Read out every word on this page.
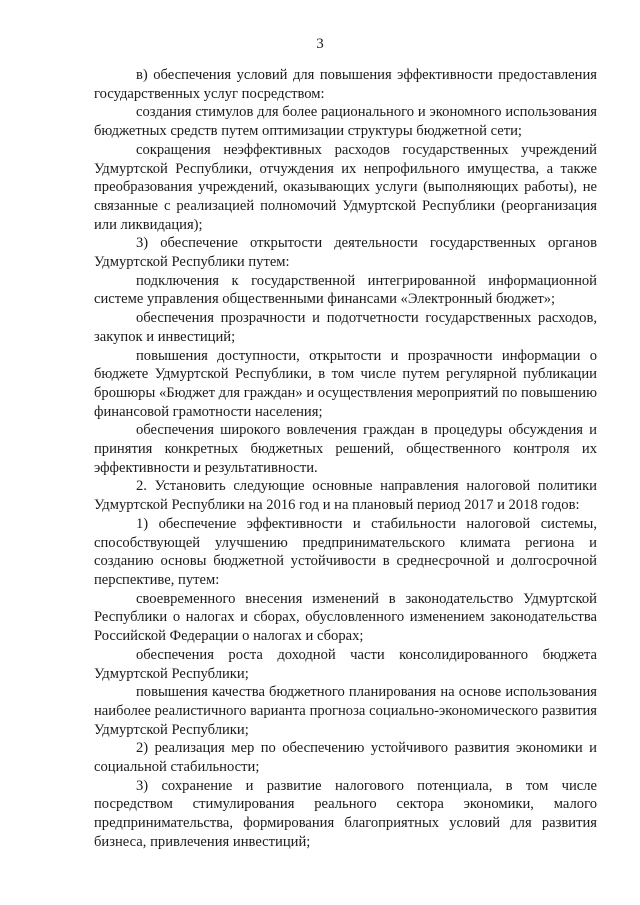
3

в) обеспечения условий для повышения эффективности предоставления государственных услуг посредством:

создания стимулов для более рационального и экономного использования бюджетных средств путем оптимизации структуры бюджетной сети;

сокращения неэффективных расходов государственных учреждений Удмуртской Республики, отчуждения их непрофильного имущества, а также преобразования учреждений, оказывающих услуги (выполняющих работы), не связанные с реализацией полномочий Удмуртской Республики (реорганизация или ликвидация);

3) обеспечение открытости деятельности государственных органов Удмуртской Республики путем:

подключения к государственной интегрированной информационной системе управления общественными финансами «Электронный бюджет»;

обеспечения прозрачности и подотчетности государственных расходов, закупок и инвестиций;

повышения доступности, открытости и прозрачности информации о бюджете Удмуртской Республики, в том числе путем регулярной публикации брошюры «Бюджет для граждан» и осуществления мероприятий по повышению финансовой грамотности населения;

обеспечения широкого вовлечения граждан в процедуры обсуждения и принятия конкретных бюджетных решений, общественного контроля их эффективности и результативности.

2. Установить следующие основные направления налоговой политики Удмуртской Республики на 2016 год и на плановый период 2017 и 2018 годов:

1) обеспечение эффективности и стабильности налоговой системы, способствующей улучшению предпринимательского климата региона и созданию основы бюджетной устойчивости в среднесрочной и долгосрочной перспективе, путем:

своевременного внесения изменений в законодательство Удмуртской Республики о налогах и сборах, обусловленного изменением законодательства Российской Федерации о налогах и сборах;

обеспечения роста доходной части консолидированного бюджета Удмуртской Республики;

повышения качества бюджетного планирования на основе использования наиболее реалистичного варианта прогноза социально-экономического развития Удмуртской Республики;

2) реализация мер по обеспечению устойчивого развития экономики и социальной стабильности;

3) сохранение и развитие налогового потенциала, в том числе посредством стимулирования реального сектора экономики, малого предпринимательства, формирования благоприятных условий для развития бизнеса, привлечения инвестиций;
